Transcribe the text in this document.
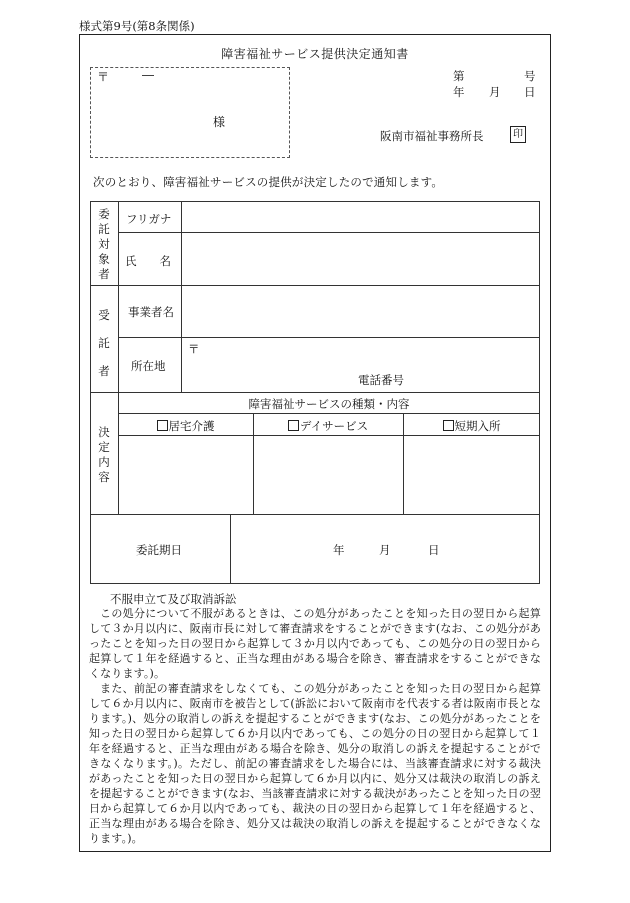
様式第9号(第8条関係)
障害福祉サービス提供決定通知書
〒	―
様
第	号
年 月 日
阪南市福祉事務所長	印
次のとおり、障害福祉サービスの提供が決定したので通知します。
委託対象者
フリガナ
氏　　名
受託者
事業者名
所在地
〒
電話番号
決定内容
障害福祉サービスの種類・内容
居宅介護	デイサービス	短期入所
委託期日	年	月	日
不服申立て及び取消訴訟

この処分について不服があるときは、この処分があったことを知った日の翌日から起算して３か月以内に、阪南市長に対して審査請求をすることができます(なお、この処分があったことを知った日の翌日から起算して３か月以内であっても、この処分の日の翌日から起算して１年を経過すると、正当な理由がある場合を除き、審査請求をすることができなくなります。)。

また、前記の審査請求をしなくても、この処分があったことを知った日の翌日から起算して６か月以内に、阪南市を被告として(訴訟において阪南市を代表する者は阪南市長となります。)、処分の取消しの訴えを提起することができます(なお、この処分があったことを知った日の翌日から起算して６か月以内であっても、この処分の日の翌日から起算して１年を経過すると、正当な理由がある場合を除き、処分の取消しの訴えを提起することができなくなります。)。ただし、前記の審査請求をした場合には、当該審査請求に対する裁決があったことを知った日の翌日から起算して６か月以内に、処分又は裁決の取消しの訴えを提起することができます(なお、当該審査請求に対する裁決があったことを知った日の翌日から起算して６か月以内であっても、裁決の日の翌日から起算して１年を経過すると、正当な理由がある場合を除き、処分又は裁決の取消しの訴えを提起することができなくなります。)。
